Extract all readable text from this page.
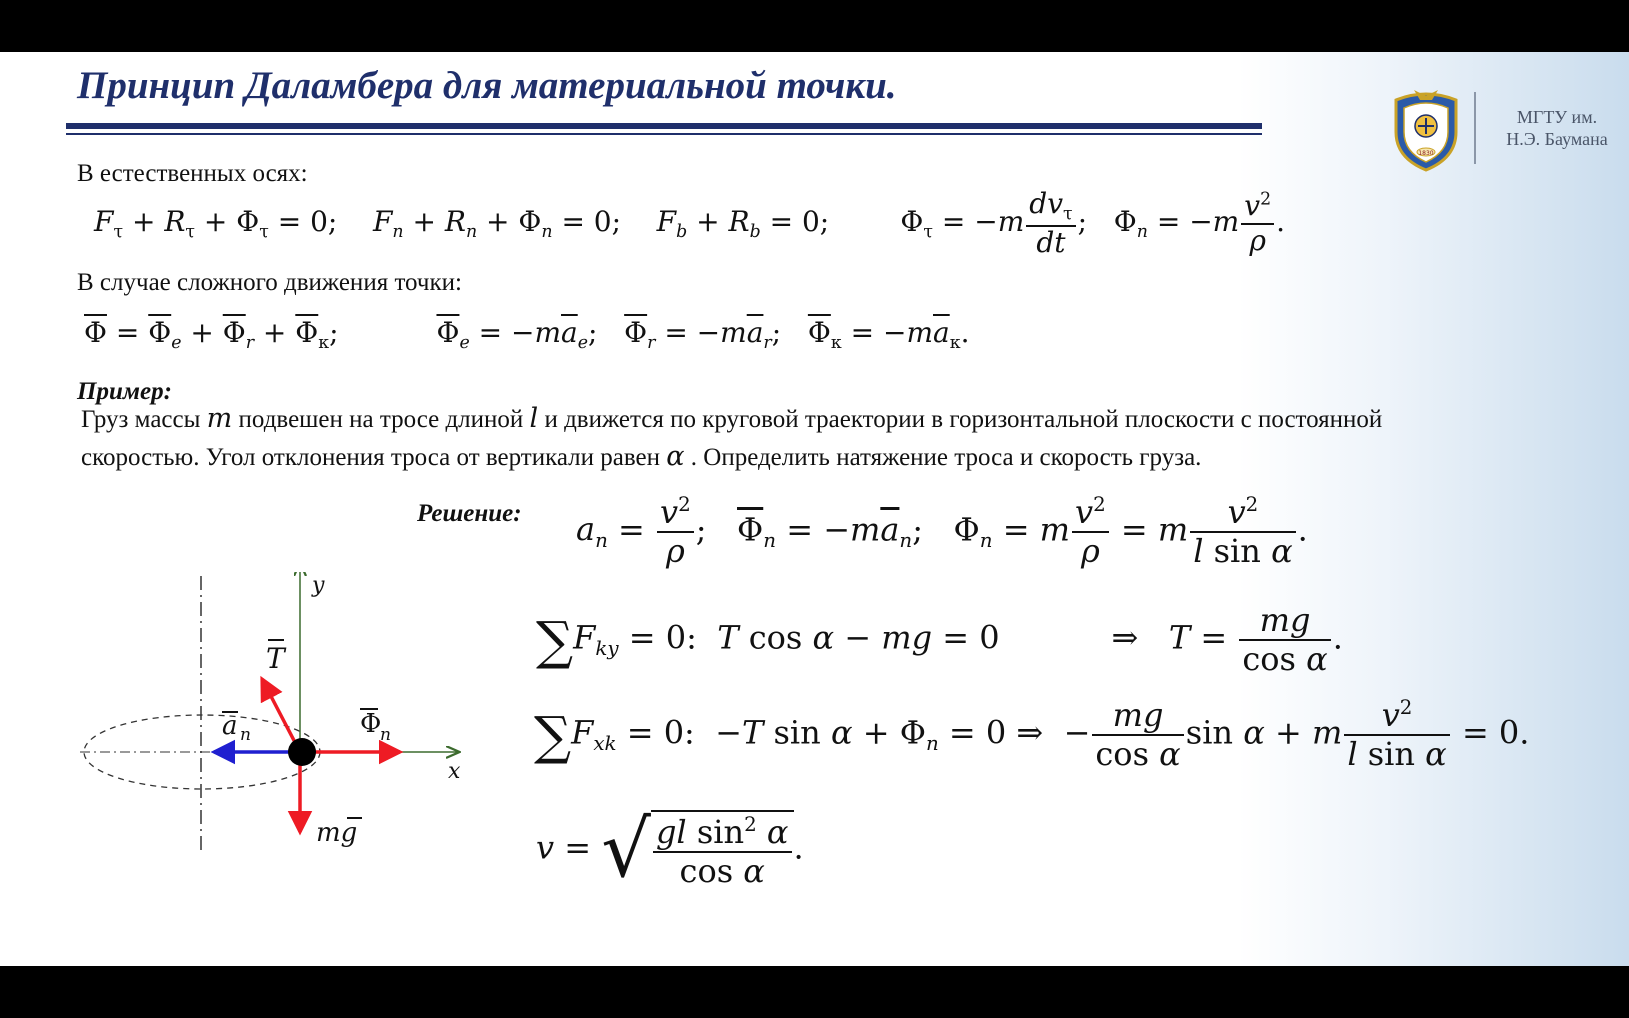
Принцип Даламбера для материальной точки.
1830
МГТУ им.
Н.Э. Баумана
В естественных осях:
$F_\tau + R_\tau + \Phi_\tau = 0$;    $F_n + R_n + \Phi_n = 0$;    $F_b + R_b = 0$;        $\Phi_\tau = -m \frac{dv_\tau}{dt}$ ;   $\Phi_n = -m \frac{v^2}{\rho}$ .
В случае сложного движения точки:
$\overline{\Phi} = \overline{\Phi}_e + \overline{\Phi}_r + \overline{\Phi}_к$;           $\overline{\Phi}_e = -m\overline{a}_e$;   $\overline{\Phi}_r = -m\overline{a}_r$;   $\overline{\Phi}_к = -m\overline{a}_к$.
Пример:
Груз массы m подвешен на тросе длиной l и движется по круговой траектории в горизонтальной плоскости с постоянной
скоростью. Угол отклонения троса от вертикали равен α . Определить натяжение троса и скорость груза.
Решение: $a_n = \frac{v^2}{\rho}$ ;   $\overline{\Phi}_n = -m\overline{a}_n$;   $\Phi_n = m \frac{v^2}{\rho} = m \frac{v^2}{\text{l sin α}}$ .
$\sum F_{ky} = 0$:  T cos α − mg = 0           ⇒   $T = \frac{mg}{\text{cos α}}$ .
$\sum F_{xk} = 0$:  −T $\sin \alpha + \Phi_n = 0$ ⇒  − $\frac{mg}{\text{cos α}}$ sin α + m $\frac{v^2}{\text{l sin α}} = 0$.
v = √ $\frac{gl \sin^2 \alpha}{\text{cos α}}$ .
x
y
T
a n	Φ
n
mg
